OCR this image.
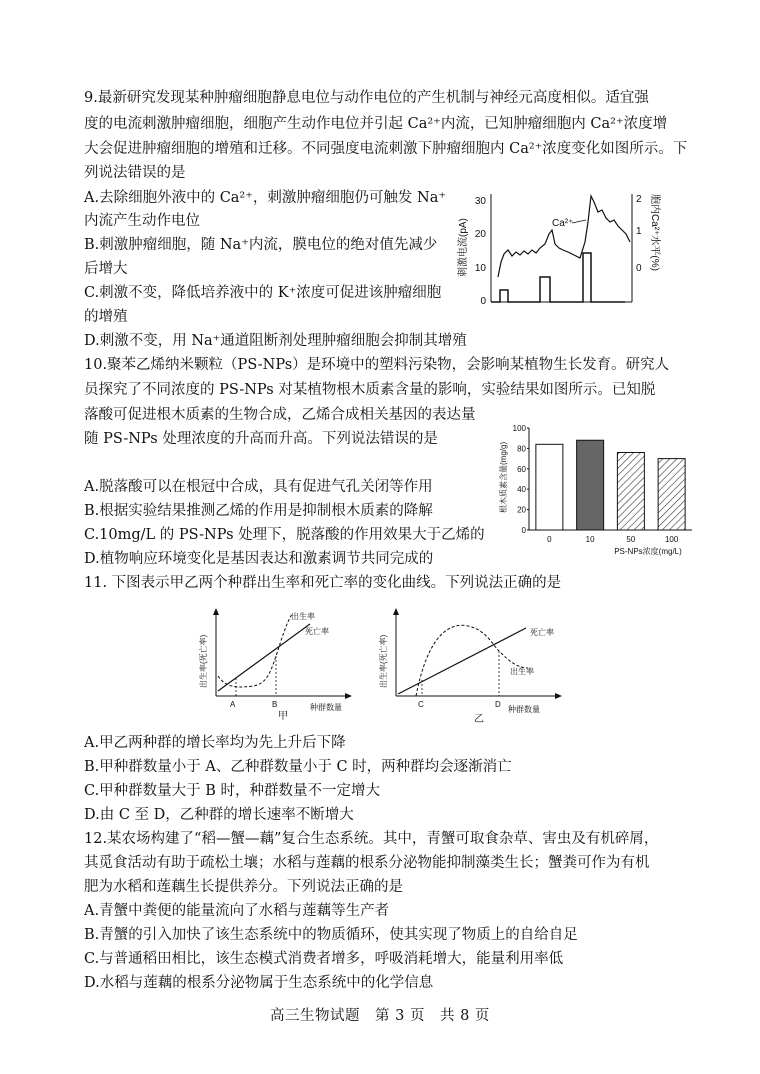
9.最新研究发现某种肿瘤细胞静息电位与动作电位的产生机制与神经元高度相似。适宜强
度的电流刺激肿瘤细胞，细胞产生动作电位并引起 Ca²⁺内流，已知肿瘤细胞内 Ca²⁺浓度增
大会促进肿瘤细胞的增殖和迁移。不同强度电流刺激下肿瘤细胞内 Ca²⁺浓度变化如图所示。下
列说法错误的是
A.去除细胞外液中的 Ca²⁺，刺激肿瘤细胞仍可触发 Na⁺
内流产生动作电位
B.刺激肿瘤细胞，随 Na⁺内流，膜电位的绝对值先减少
后增大
C.刺激不变，降低培养液中的 K⁺浓度可促进该肿瘤细胞
的增殖
D.刺激不变，用 Na⁺通道阻断剂处理肿瘤细胞会抑制其增殖
刺激电流(pA)
30
20
10
0
2
1
0 胞内Ca²⁺水平(%)
Ca²⁺
10.聚苯乙烯纳米颗粒（PS-NPs）是环境中的塑料污染物，会影响某植物生长发育。研究人
员探究了不同浓度的 PS-NPs 对某植物根木质素含量的影响，实验结果如图所示。已知脱
落酸可促进根木质素的生物合成，乙烯合成相关基因的表达量
随 PS-NPs 处理浓度的升高而升高。下列说法错误的是
A.脱落酸可以在根冠中合成，具有促进气孔关闭等作用
B.根据实验结果推测乙烯的作用是抑制根木质素的降解
C.10mg/L 的 PS-NPs 处理下，脱落酸的作用效果大于乙烯的
D.植物响应环境变化是基因表达和激素调节共同完成的
根木质素含量(mg/g)
100
80
60
40
20
0
0	10	50	100
PS-NPs浓度(mg/L)
11. 下图表示甲乙两个种群出生率和死亡率的变化曲线。下列说法正确的是
出生率(死亡率)
出生率
死亡率
A	B	种群数量
甲
出生率(死亡率)
死亡率
出生率
C	D
种群数量
乙
A.甲乙两种群的增长率均为先上升后下降
B.甲种群数量小于 A、乙种群数量小于 C 时，两种群均会逐渐消亡
C.甲种群数量大于 B 时，种群数量不一定增大
D.由 C 至 D，乙种群的增长速率不断增大
12.某农场构建了“稻—蟹—藕”复合生态系统。其中，青蟹可取食杂草、害虫及有机碎屑，
其觅食活动有助于疏松土壤；水稻与莲藕的根系分泌物能抑制藻类生长；蟹粪可作为有机
肥为水稻和莲藕生长提供养分。下列说法正确的是
A.青蟹中粪便的能量流向了水稻与莲藕等生产者
B.青蟹的引入加快了该生态系统中的物质循环，使其实现了物质上的自给自足
C.与普通稻田相比，该生态模式消费者增多，呼吸消耗增大，能量利用率低
D.水稻与莲藕的根系分泌物属于生态系统中的化学信息
高三生物试题　第 3 页　共 8 页
